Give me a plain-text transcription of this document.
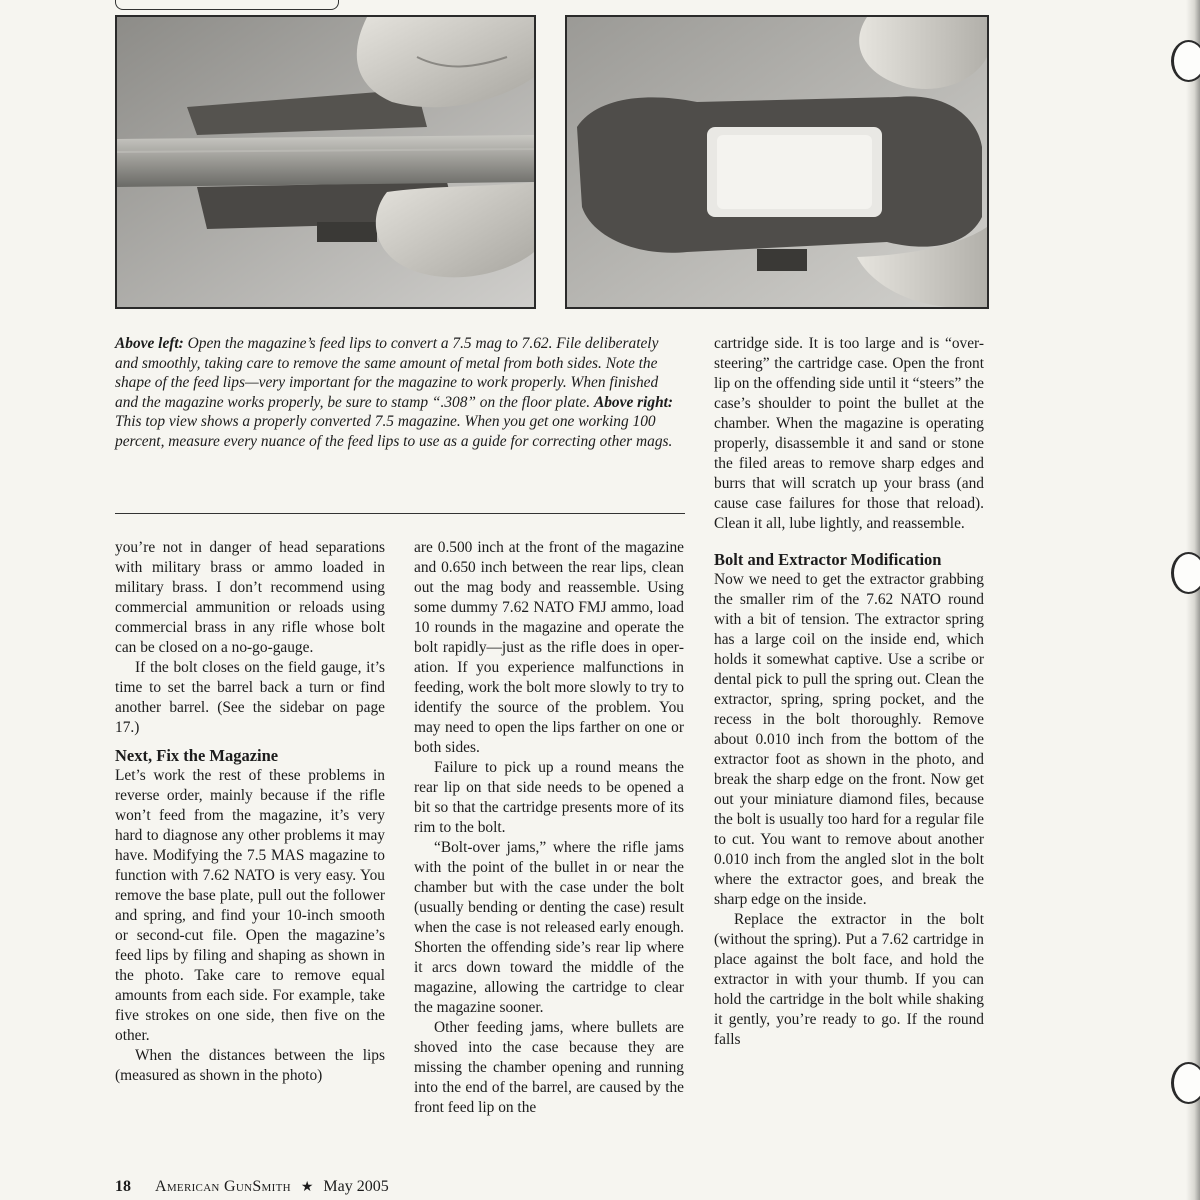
Above left: Open the magazine’s feed lips to convert a 7.5 mag to 7.62. File deliberately and smoothly, taking care to remove the same amount of metal from both sides. Note the shape of the feed lips—very important for the magazine to work properly. When finished and the magazine works properly, be sure to stamp “.308” on the floor plate. Above right: This top view shows a properly converted 7.5 magazine. When you get one working 100 percent, measure every nuance of the feed lips to use as a guide for correcting other mags.

you’re not in danger of head separations with military brass or ammo loaded in military brass. I don’t recommend using commercial ammunition or reloads using commercial brass in any rifle whose bolt can be closed on a no-go-gauge.

If the bolt closes on the field gauge, it’s time to set the barrel back a turn or find another barrel. (See the sidebar on page 17.)

Next, Fix the Magazine

Let’s work the rest of these problems in reverse order, mainly because if the rifle won’t feed from the magazine, it’s very hard to diagnose any other problems it may have. Modifying the 7.5 MAS magazine to function with 7.62 NATO is very easy. You remove the base plate, pull out the follower and spring, and find your 10-inch smooth or second-cut file. Open the magazine’s feed lips by filing and shaping as shown in the photo. Take care to remove equal amounts from each side. For example, take five strokes on one side, then five on the other.

When the distances between the lips (measured as shown in the photo)

are 0.500 inch at the front of the magazine and 0.650 inch between the rear lips, clean out the mag body and reassemble. Using some dummy 7.62 NATO FMJ ammo, load 10 rounds in the magazine and operate the bolt rapidly—just as the rifle does in operation. If you experience malfunctions in feeding, work the bolt more slowly to try to identify the source of the problem. You may need to open the lips farther on one or both sides.

Failure to pick up a round means the rear lip on that side needs to be opened a bit so that the cartridge presents more of its rim to the bolt.

“Bolt-over jams,” where the rifle jams with the point of the bullet in or near the chamber but with the case under the bolt (usually bending or denting the case) result when the case is not released early enough. Shorten the offending side’s rear lip where it arcs down toward the middle of the magazine, allowing the cartridge to clear the magazine sooner.

Other feeding jams, where bullets are shoved into the case because they are missing the chamber opening and running into the end of the barrel, are caused by the front feed lip on the

cartridge side. It is too large and is “over-steering” the cartridge case. Open the front lip on the offending side until it “steers” the case’s shoulder to point the bullet at the chamber. When the magazine is operating properly, disassemble it and sand or stone the filed areas to remove sharp edges and burrs that will scratch up your brass (and cause case failures for those that reload). Clean it all, lube lightly, and reassemble.

Bolt and Extractor Modification

Now we need to get the extractor grabbing the smaller rim of the 7.62 NATO round with a bit of tension. The extractor spring has a large coil on the inside end, which holds it somewhat captive. Use a scribe or dental pick to pull the spring out. Clean the extractor, spring, spring pocket, and the recess in the bolt thoroughly. Remove about 0.010 inch from the bottom of the extractor foot as shown in the photo, and break the sharp edge on the front. Now get out your miniature diamond files, because the bolt is usually too hard for a regular file to cut. You want to remove about another 0.010 inch from the angled slot in the bolt where the extractor goes, and break the sharp edge on the inside.

Replace the extractor in the bolt (without the spring). Put a 7.62 cartridge in place against the bolt face, and hold the extractor in with your thumb. If you can hold the cartridge in the bolt while shaking it gently, you’re ready to go. If the round falls

18 American GunSmith ★ May 2005
